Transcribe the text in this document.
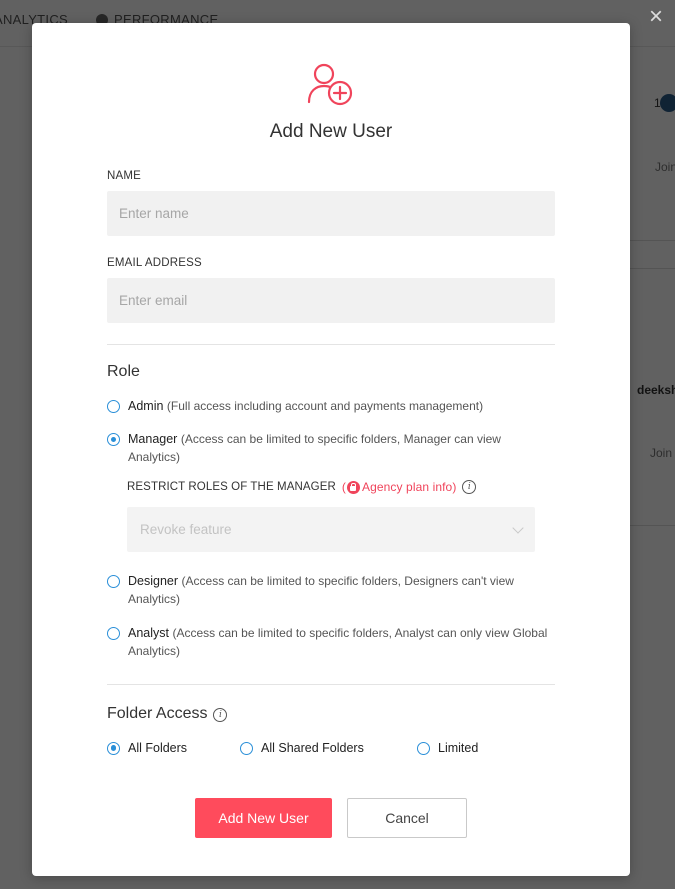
×
Add New User
NAME
Enter name
EMAIL ADDRESS
Enter email
Role
Admin (Full access including account and payments management)
Manager (Access can be limited to specific folders, Manager can view Analytics)
RESTRICT ROLES OF THE MANAGER ( Agency plan info)	i
Revoke feature
Designer (Access can be limited to specific folders, Designers can't view Analytics)
Analyst (Access can be limited to specific folders, Analyst can only view Global Analytics)
Folder Access i
All Folders	All Shared Folders	Limited
Add New User	Cancel
